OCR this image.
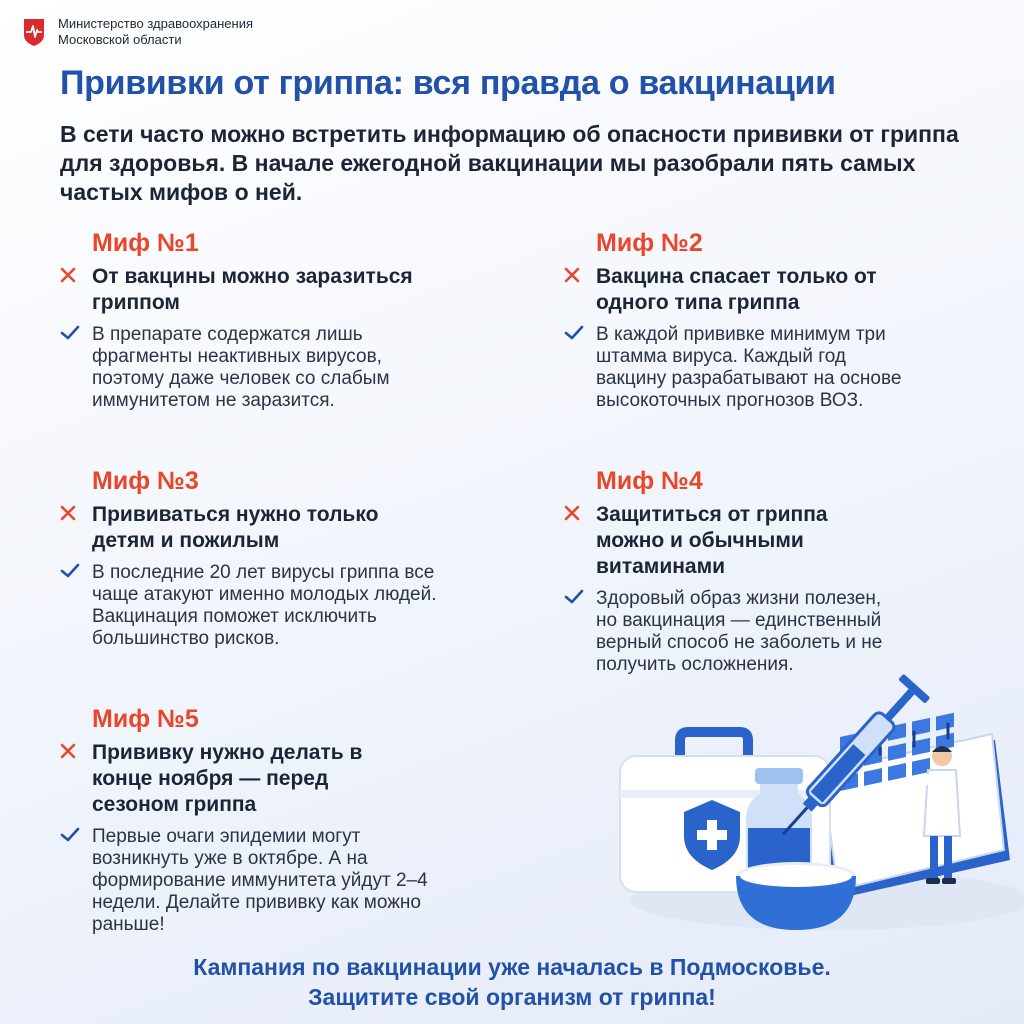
Министерство здравоохранения
Московской области
Прививки от гриппа: вся правда о вакцинации

В сети часто можно встретить информацию об опасности прививки от гриппа для здоровья. В начале ежегодной вакцинации мы разобрали пять самых частых мифов о ней.

Миф №1
От вакцины можно заразиться гриппом
В препарате содержатся лишь фрагменты неактивных вирусов, поэтому даже человек со слабым иммунитетом не заразится.
Миф №2
Вакцина спасает только от одного типа гриппа
В каждой прививке минимум три штамма вируса. Каждый год вакцину разрабатывают на основе высокоточных прогнозов ВОЗ.
Миф №3
Прививаться нужно только детям и пожилым
В последние 20 лет вирусы гриппа все чаще атакуют именно молодых людей. Вакцинация поможет исключить большинство рисков.
Миф №4
Защититься от гриппа можно и обычными витаминами
Здоровый образ жизни полезен, но вакцинация — единственный верный способ не заболеть и не получить осложнения.
Миф №5
Прививку нужно делать в конце ноября — перед сезоном гриппа
Первые очаги эпидемии могут возникнуть уже в октябре. А на формирование иммунитета уйдут 2–4 недели. Делайте прививку как можно раньше!
Кампания по вакцинации уже началась в Подмосковье.
Защитите свой организм от гриппа!
